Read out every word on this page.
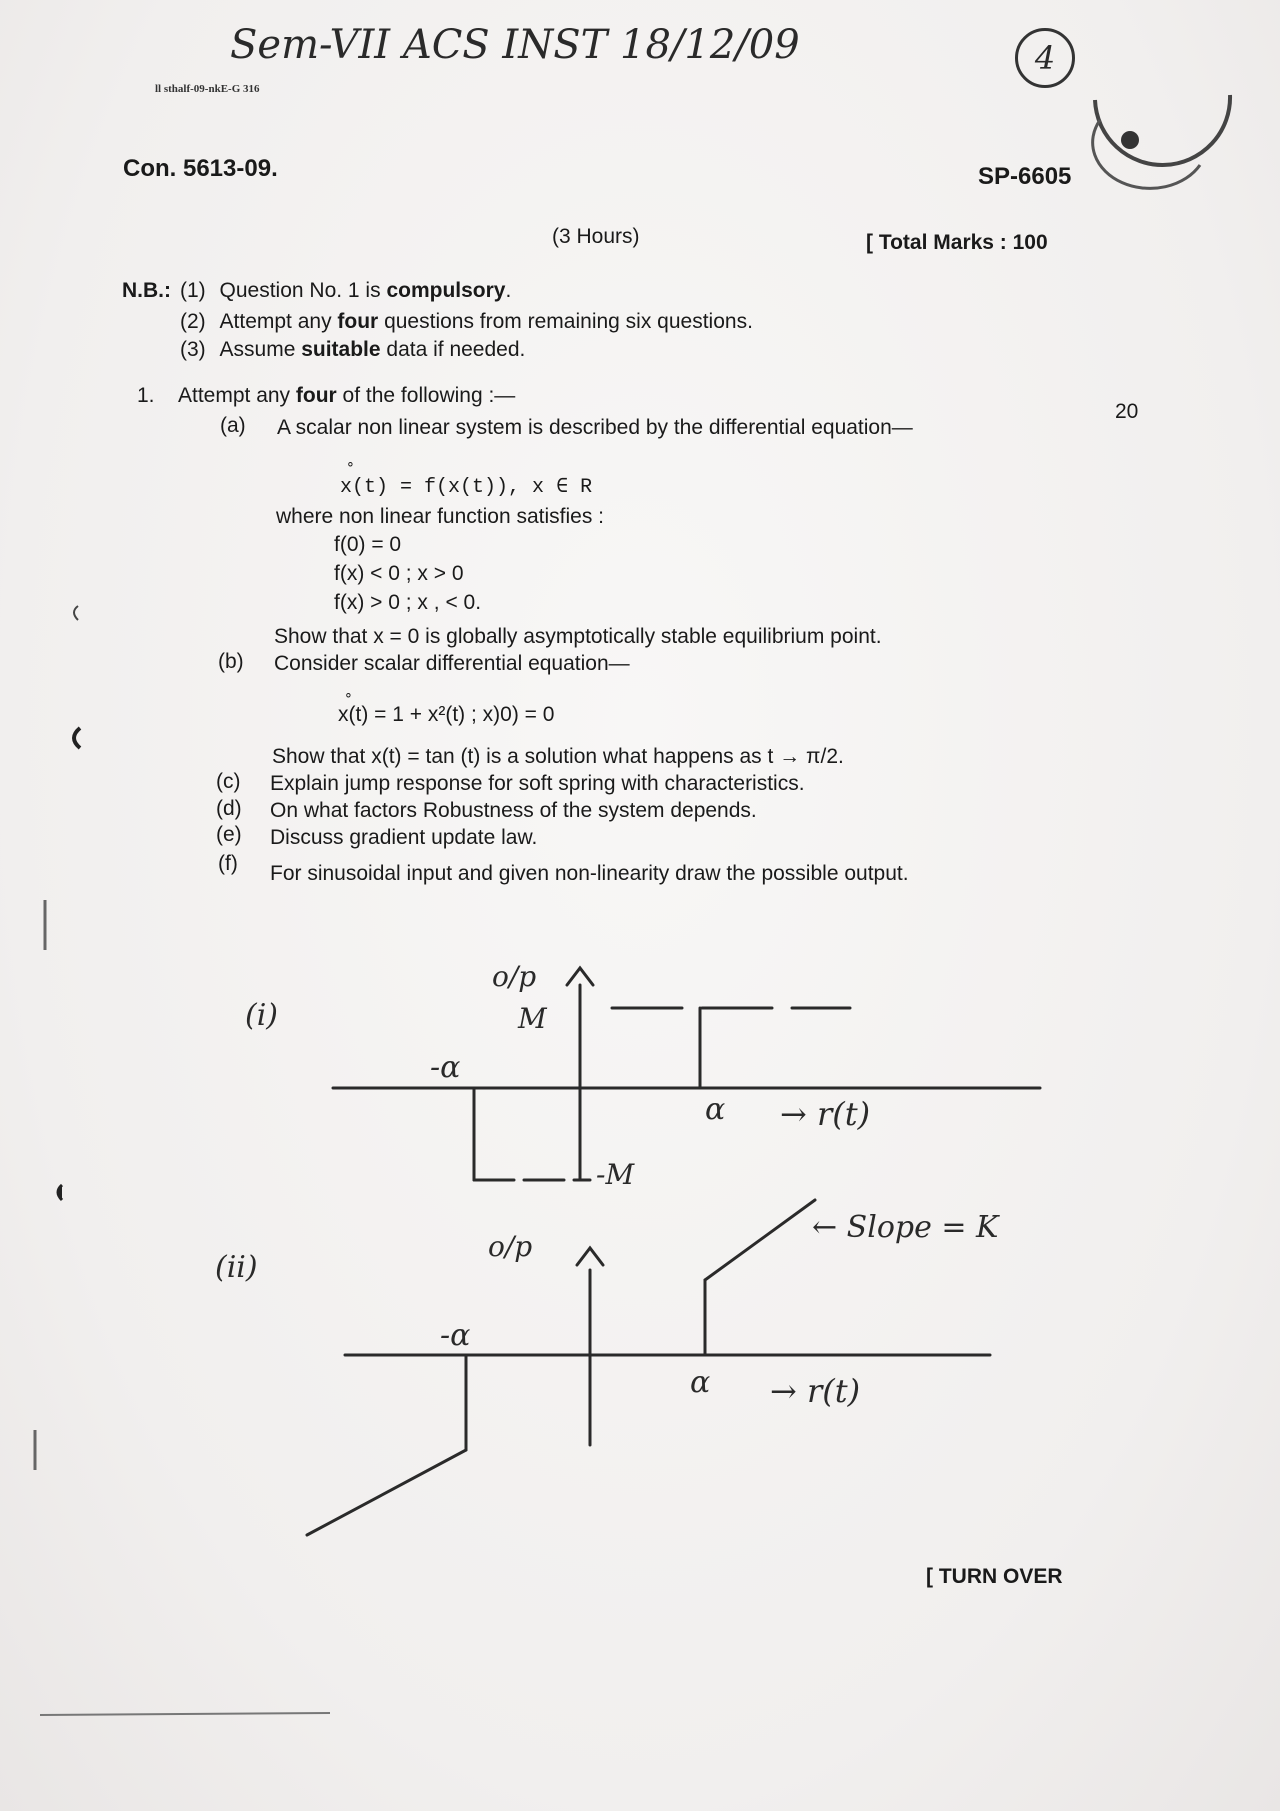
Sem-VII ACS INST 18/12/09	4
ll sthalf-09-nkE-G 316
Con. 5613-09.	SP-6605
(3 Hours)	[ Total Marks : 100
N.B.: (1) Question No. 1 is compulsory.
(2) Attempt any four questions from remaining six questions.
(3) Assume suitable data if needed.
1. Attempt any four of the following :—
20
(a) A scalar non linear system is described by the differential equation—
∘
x(t) = f(x(t)), x ∈ R
where non linear function satisfies :
f(0) = 0
f(x) < 0 ; x > 0
f(x) > 0 ; x , < 0.
Show that x = 0 is globally asymptotically stable equilibrium point.
(b) Consider scalar differential equation—
∘
x(t) = 1 + x²(t) ; x)0) = 0
Show that x(t) = tan (t) is a solution what happens as t → π/2.
(c) Explain jump response for soft spring with characteristics.
(d) On what factors Robustness of the system depends.
(e) Discuss gradient update law.
(f) For sinusoidal input and given non-linearity draw the possible output.
(i)
o/p
M
-α
α → r(t)
-M
(ii)
o/p
← Slope = K
-α
α → r(t)
[ TURN OVER
